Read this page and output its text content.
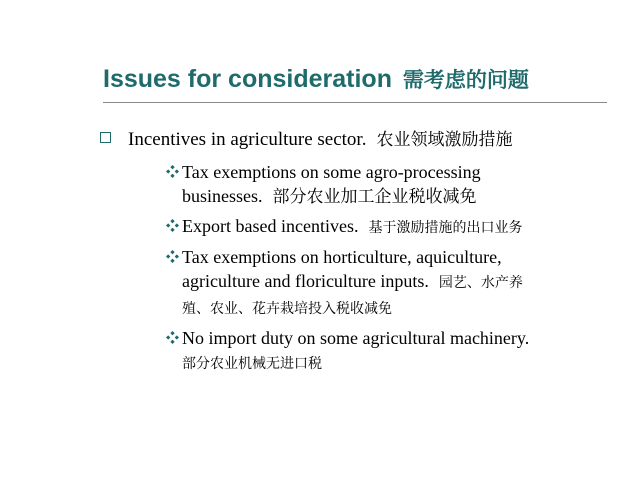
Issues for consideration 需考虑的问题
Incentives in agriculture sector. 农业领域激励措施
Tax exemptions on some agro-processing
businesses. 部分农业加工企业税收减免
Export based incentives. 基于激励措施的出口业务
Tax exemptions on horticulture, aquiculture,
agriculture and floriculture inputs. 园艺、水产养
殖、农业、花卉栽培投入税收减免
No import duty on some agricultural machinery.
部分农业机械无进口税
